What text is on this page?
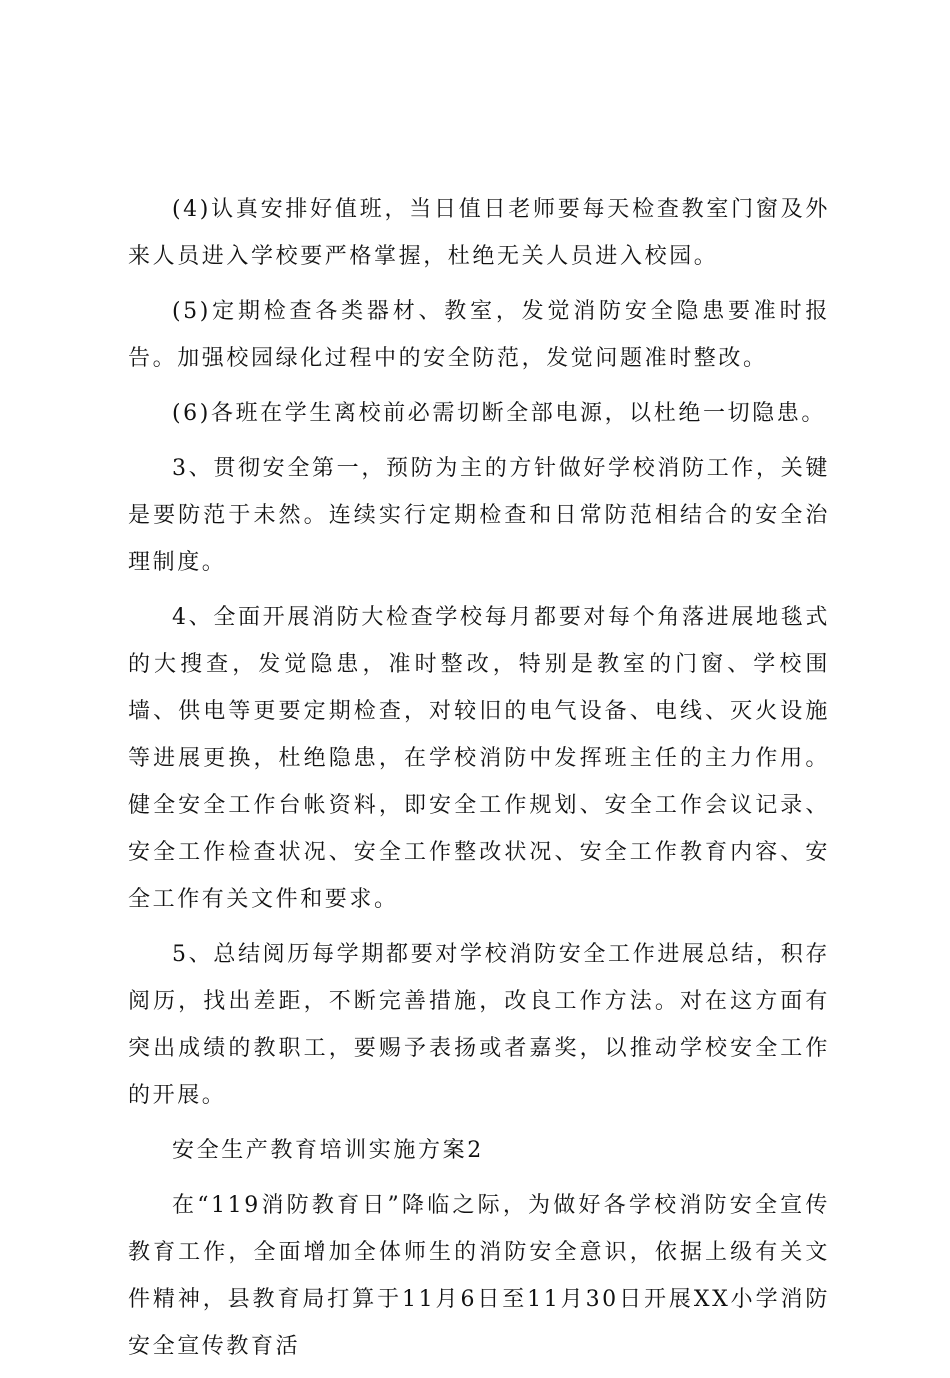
(4)认真安排好值班，当日值日老师要每天检查教室门窗及外来人员进入学校要严格掌握，杜绝无关人员进入校园。

(5)定期检查各类器材、教室，发觉消防安全隐患要准时报告。加强校园绿化过程中的安全防范，发觉问题准时整改。

(6)各班在学生离校前必需切断全部电源，以杜绝一切隐患。

3、贯彻安全第一，预防为主的方针做好学校消防工作，关键是要防范于未然。连续实行定期检查和日常防范相结合的安全治理制度。

4、全面开展消防大检查学校每月都要对每个角落进展地毯式的大搜查，发觉隐患，准时整改，特别是教室的门窗、学校围墙、供电等更要定期检查，对较旧的电气设备、电线、灭火设施等进展更换，杜绝隐患，在学校消防中发挥班主任的主力作用。健全安全工作台帐资料，即安全工作规划、安全工作会议记录、安全工作检查状况、安全工作整改状况、安全工作教育内容、安全工作有关文件和要求。

5、总结阅历每学期都要对学校消防安全工作进展总结，积存阅历，找出差距，不断完善措施，改良工作方法。对在这方面有突出成绩的教职工，要赐予表扬或者嘉奖，以推动学校安全工作的开展。

安全生产教育培训实施方案2

在“119消防教育日”降临之际，为做好各学校消防安全宣传教育工作，全面增加全体师生的消防安全意识，依据上级有关文件精神，县教育局打算于11月6日至11月30日开展XX小学消防安全宣传教育活
